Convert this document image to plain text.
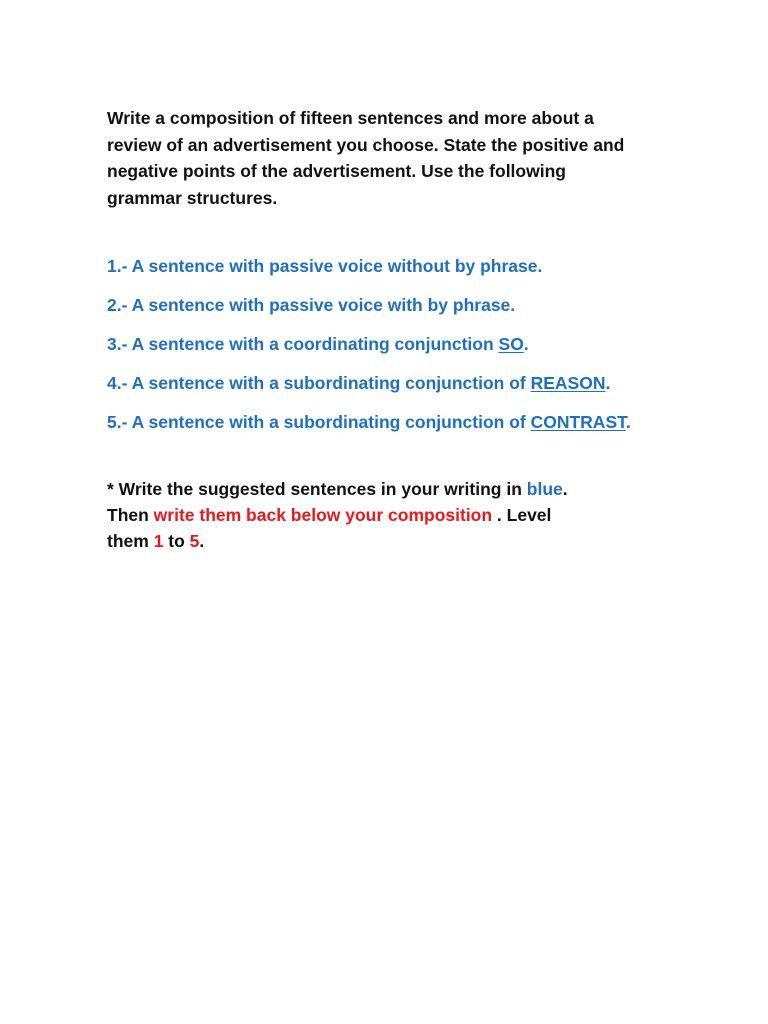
Write a composition of fifteen sentences and more about a

review of an advertisement you choose. State the positive and

negative points of the advertisement. Use the following

grammar structures.

1.- A sentence with passive voice without by phrase.
2.- A sentence with passive voice with by phrase.
3.- A sentence with a coordinating conjunction SO.
4.- A sentence with a subordinating conjunction of REASON.
5.- A sentence with a subordinating conjunction of CONTRAST.

* Write the suggested sentences in your writing in blue.

Then write them back below your composition . Level

them 1 to 5.
